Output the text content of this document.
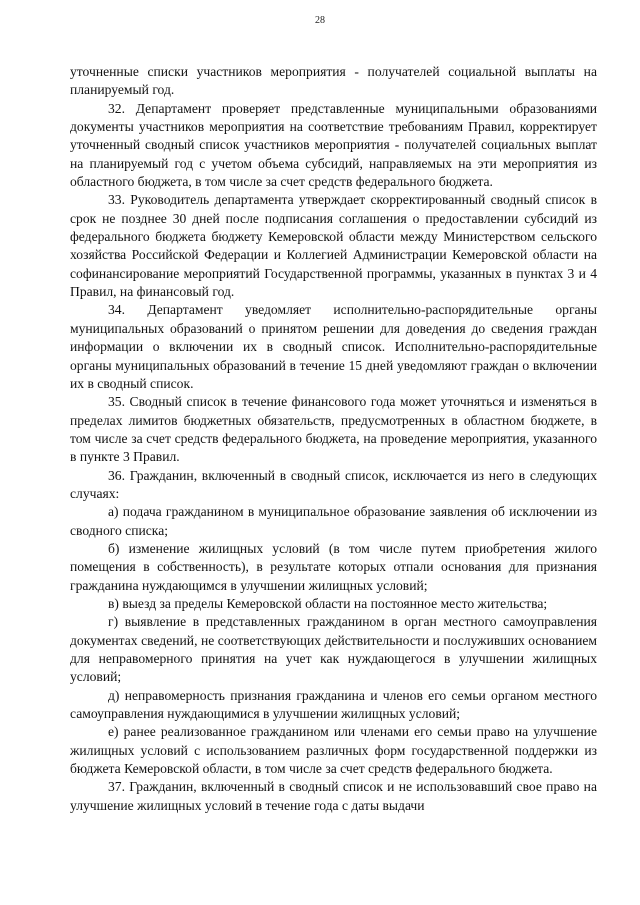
28

уточненные списки участников мероприятия - получателей социальной выплаты на планируемый год.

32. Департамент проверяет представленные муниципальными образованиями документы участников мероприятия на соответствие требованиям Правил, корректирует уточненный сводный список участников мероприятия - получателей социальных выплат на планируемый год с учетом объема субсидий, направляемых на эти мероприятия из областного бюджета, в том числе за счет средств федерального бюджета.

33. Руководитель департамента утверждает скорректированный сводный список в срок не позднее 30 дней после подписания соглашения о предоставлении субсидий из федерального бюджета бюджету Кемеровской области между Министерством сельского хозяйства Российской Федерации и Коллегией Администрации Кемеровской области на софинансирование мероприятий Государственной программы, указанных в пунктах 3 и 4 Правил, на финансовый год.

34. Департамент уведомляет исполнительно-распорядительные органы муниципальных образований о принятом решении для доведения до сведения граждан информации о включении их в сводный список. Исполнительно-распорядительные органы муниципальных образований в течение 15 дней уведомляют граждан о включении их в сводный список.

35. Сводный список в течение финансового года может уточняться и изменяться в пределах лимитов бюджетных обязательств, предусмотренных в областном бюджете, в том числе за счет средств федерального бюджета, на проведение мероприятия, указанного в пункте 3 Правил.

36. Гражданин, включенный в сводный список, исключается из него в следующих случаях:

а) подача гражданином в муниципальное образование заявления об исключении из сводного списка;

б) изменение жилищных условий (в том числе путем приобретения жилого помещения в собственность), в результате которых отпали основания для признания гражданина нуждающимся в улучшении жилищных условий;

в) выезд за пределы Кемеровской области на постоянное место жительства;

г) выявление в представленных гражданином в орган местного самоуправления документах сведений, не соответствующих действительности и послуживших основанием для неправомерного принятия на учет как нуждающегося в улучшении жилищных условий;

д) неправомерность признания гражданина и членов его семьи органом местного самоуправления нуждающимися в улучшении жилищных условий;

е) ранее реализованное гражданином или членами его семьи право на улучшение жилищных условий с использованием различных форм государственной поддержки из бюджета Кемеровской области, в том числе за счет средств федерального бюджета.

37. Гражданин, включенный в сводный список и не использовавший свое право на улучшение жилищных условий в течение года с даты выдачи
